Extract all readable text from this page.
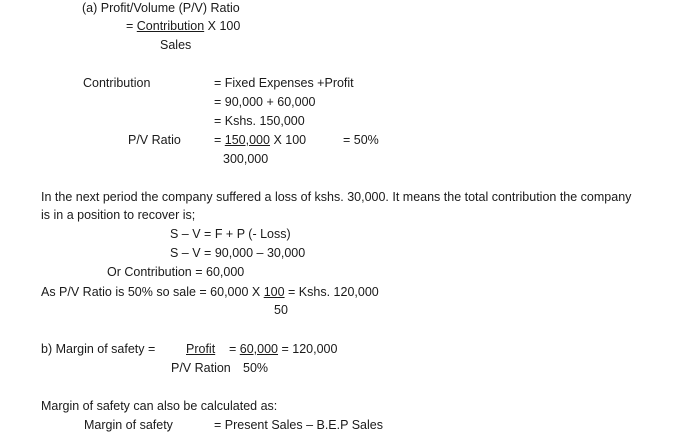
(a) Profit/Volume (P/V) Ratio
= Contribution X 100
Sales
Contribution	= Fixed Expenses +Profit
= 90,000 + 60,000
= Kshs. 150,000
P/V Ratio	= 150,000 X 100	= 50%
300,000
In the next period the company suffered a loss of kshs. 30,000. It means the total contribution the company
is in a position to recover is;
S – V = F + P (- Loss)
S – V = 90,000 – 30,000
Or Contribution = 60,000
As P/V Ratio is 50% so sale = 60,000 X 100 = Kshs. 120,000
50
b) Margin of safety = Profit = 60,000 = 120,000
P/V Ration 50%
Margin of safety can also be calculated as:
Margin of safety	= Present Sales – B.E.P Sales
